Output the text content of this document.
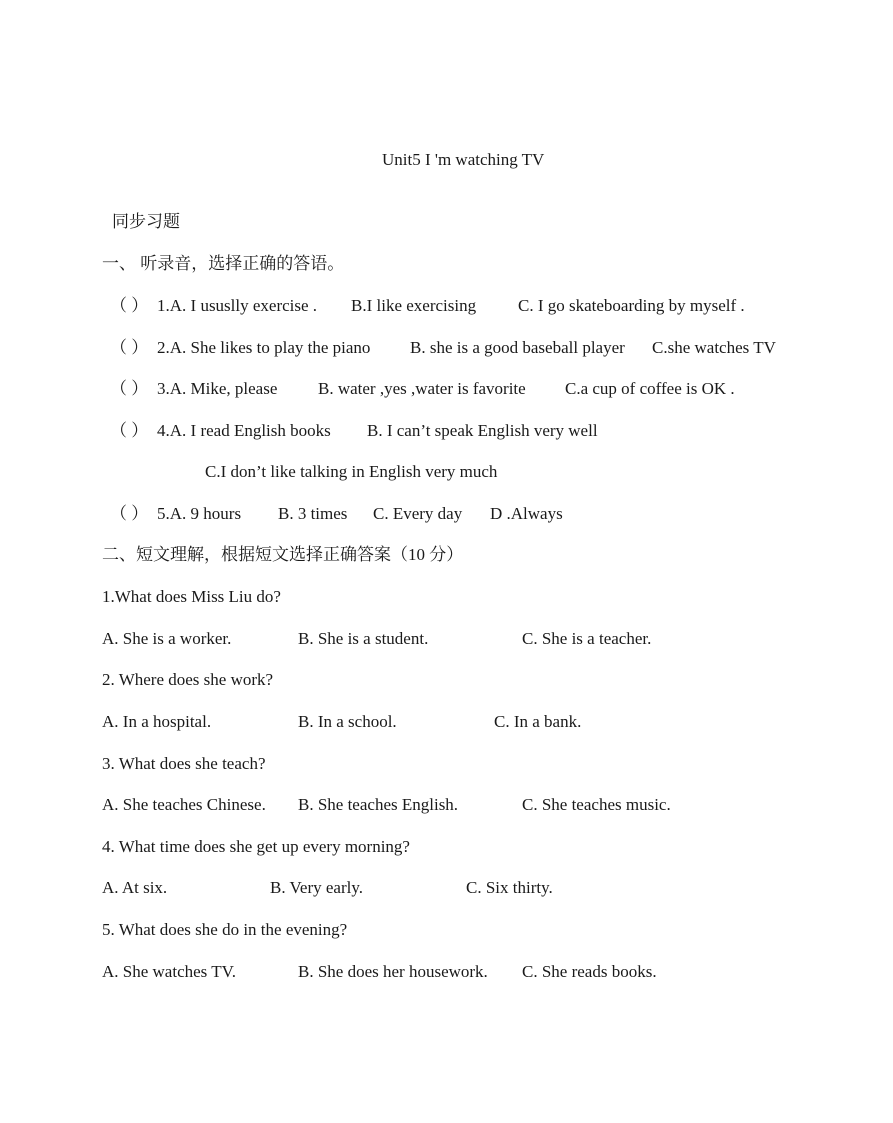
Unit5 I 'm watching TV
同步习题
一、 听录音，选择正确的答语。
（ ） 1.A. I ususlly exercise . B.I like exercising C. I go skateboarding by myself .
（ ） 2.A. She likes to play the piano B. she is a good baseball player C.she watches TV
（ ） 3.A. Mike, please B. water ,yes ,water is favorite C.a cup of coffee is OK .
（ ） 4.A. I read English books B. I can’t speak English very well
C.I don’t like talking in English very much
（ ） 5.A. 9 hours B. 3 times C. Every day D .Always
二、短文理解，根据短文选择正确答案（10 分）
1.What does Miss Liu do?
A. She is a worker.	B. She is a student.	C. She is a teacher.
2. Where does she work?
A. In a hospital.	B. In a school.	C. In a bank.
3. What does she teach?
A. She teaches Chinese. B. She teaches English.	C. She teaches music.
4. What time does she get up every morning?
A. At six.	B. Very early.	C. Six thirty.
5. What does she do in the evening?
A. She watches TV.	B. She does her housework. C. She reads books.
